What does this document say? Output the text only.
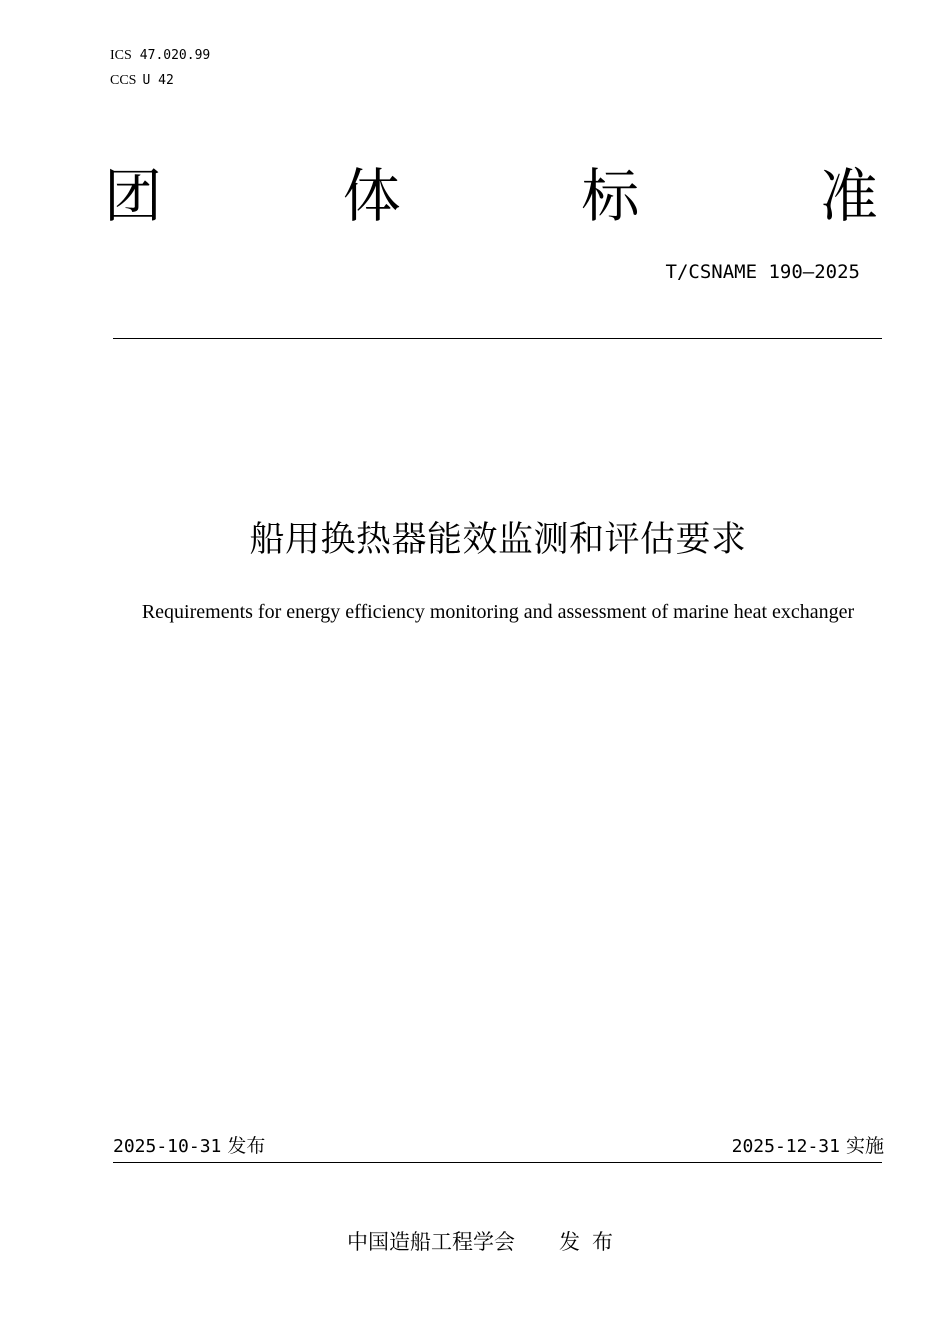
ICS 47.020.99
CCS U 42
团	体	标	准
T/CSNAME 190—2025
船用换热器能效监测和评估要求
Requirements for energy efficiency monitoring and assessment of marine heat exchanger
2025-10-31 发布	2025-12-31 实施
中国造船工程学会 发布
